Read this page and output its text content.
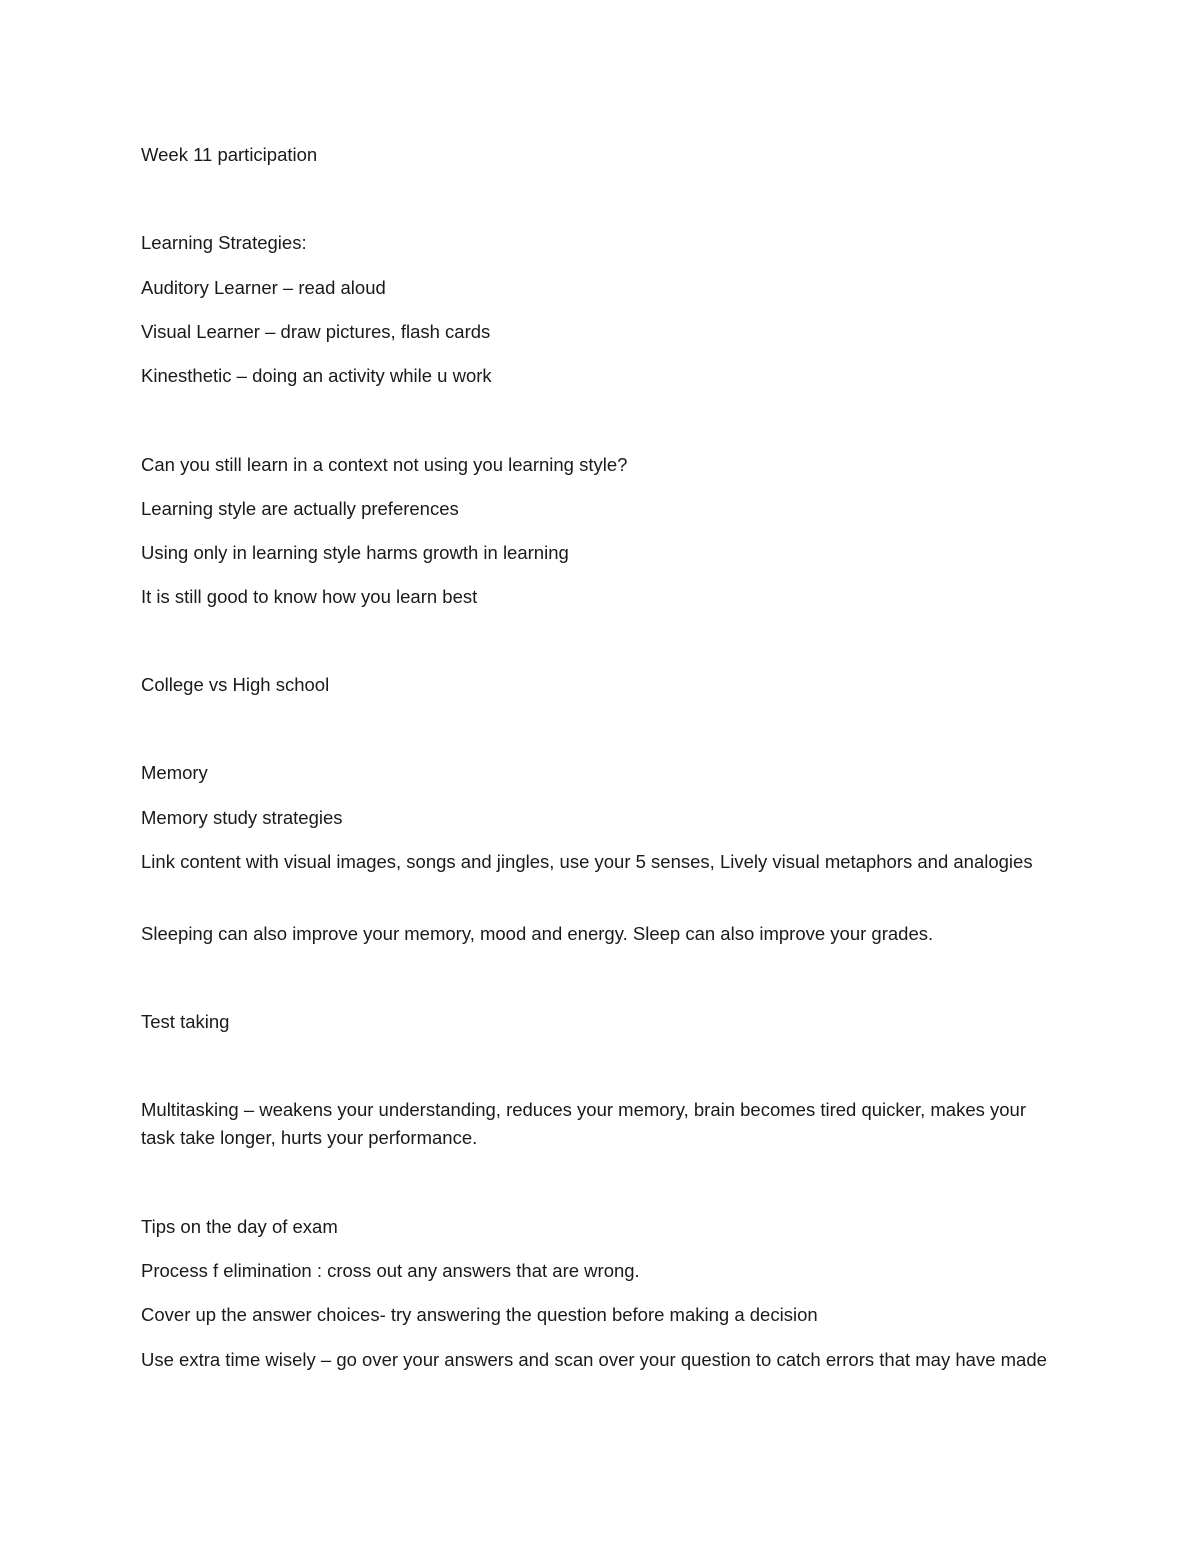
Week 11 participation

Learning Strategies:

Auditory Learner – read aloud

Visual Learner – draw pictures, flash cards

Kinesthetic – doing an activity while u work

Can you still learn in a context not using you learning style?

Learning style are actually preferences

Using only in learning style harms growth in learning

It is still good to know how you learn best

College vs High school

Memory

Memory study strategies

Link content with visual images, songs and jingles, use your 5 senses, Lively visual metaphors and analogies

Sleeping can also improve your memory, mood and energy. Sleep can also improve your grades.

Test taking

Multitasking – weakens your understanding, reduces your memory, brain becomes tired quicker, makes your task take longer, hurts your performance.

Tips on the day of exam

Process f elimination : cross out any answers that are wrong.

Cover up the answer choices- try answering the question before making a decision

Use extra time wisely – go over your answers and scan over your question to catch errors that may have made
